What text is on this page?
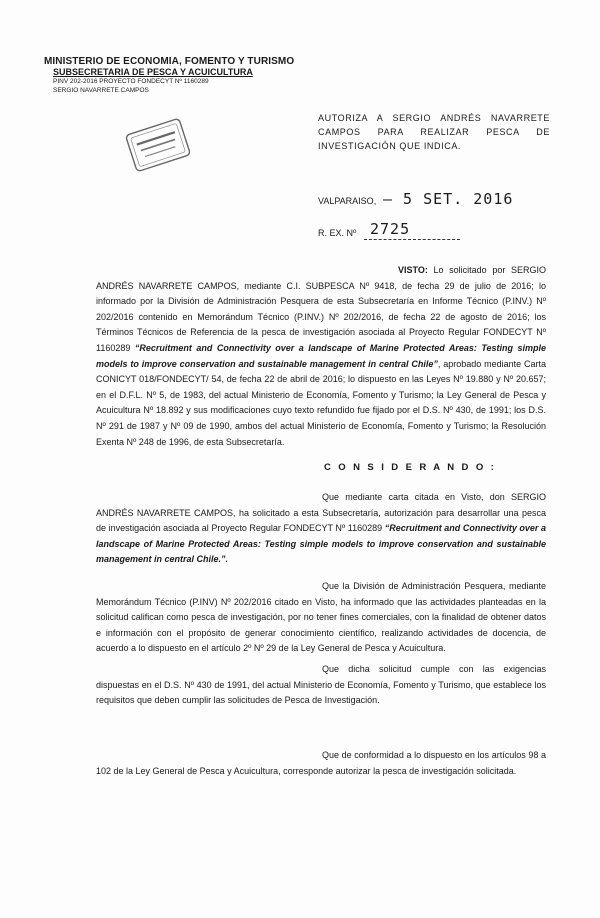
MINISTERIO DE ECONOMIA, FOMENTO Y TURISMO
SUBSECRETARIA DE PESCA Y ACUICULTURA
PINV 202-2016 PROYECTO FONDECYT Nº 1160289
SERGIO NAVARRETE CAMPOS
AUTORIZA A SERGIO ANDRÉS NAVARRETE CAMPOS PARA REALIZAR PESCA DE INVESTIGACIÓN QUE INDICA.
VALPARAISO, – 5 SET. 2016
R. EX. Nº 2725
VISTO: Lo solicitado por SERGIO ANDRÉS NAVARRETE CAMPOS, mediante C.I. SUBPESCA Nº 9418, de fecha 29 de julio de 2016; lo informado por la División de Administración Pesquera de esta Subsecretaría en Informe Técnico (P.INV.) Nº 202/2016 contenido en Memorándum Técnico (P.INV.) Nº 202/2016, de fecha 22 de agosto de 2016; los Términos Técnicos de Referencia de la pesca de investigación asociada al Proyecto Regular FONDECYT Nº 1160289 “Recruitment and Connectivity over a landscape of Marine Protected Areas: Testing simple models to improve conservation and sustainable management in central Chile”, aprobado mediante Carta CONICYT 018/FONDECYT/ 54, de fecha 22 de abril de 2016; lo dispuesto en las Leyes Nº 19.880 y Nº 20.657; en el D.F.L. Nº 5, de 1983, del actual Ministerio de Economía, Fomento y Turismo; la Ley General de Pesca y Acuicultura Nº 18.892 y sus modificaciones cuyo texto refundido fue fijado por el D.S. Nº 430, de 1991; los D.S. Nº 291 de 1987 y Nº 09 de 1990, ambos del actual Ministerio de Economía, Fomento y Turismo; la Resolución Exenta Nº 248 de 1996, de esta Subsecretaría.
C O N S I D E R A N D O :
Que mediante carta citada en Visto, don SERGIO ANDRÉS NAVARRETE CAMPOS, ha solicitado a esta Subsecretaría, autorización para desarrollar una pesca de investigación asociada al Proyecto Regular FONDECYT Nº 1160289 “Recruitment and Connectivity over a landscape of Marine Protected Areas: Testing simple models to improve conservation and sustainable management in central Chile.”.
Que la División de Administración Pesquera, mediante Memorándum Técnico (P.INV) Nº 202/2016 citado en Visto, ha informado que las actividades planteadas en la solicitud califican como pesca de investigación, por no tener fines comerciales, con la finalidad de obtener datos e información con el propósito de generar conocimiento científico, realizando actividades de docencia, de acuerdo a lo dispuesto en el artículo 2º Nº 29 de la Ley General de Pesca y Acuicultura.
Que dicha solicitud cumple con las exigencias dispuestas en el D.S. Nº 430 de 1991, del actual Ministerio de Economía, Fomento y Turismo, que establece los requisitos que deben cumplir las solicitudes de Pesca de Investigación.
Que de conformidad a lo dispuesto en los artículos 98 a 102 de la Ley General de Pesca y Acuicultura, corresponde autorizar la pesca de investigación solicitada.
